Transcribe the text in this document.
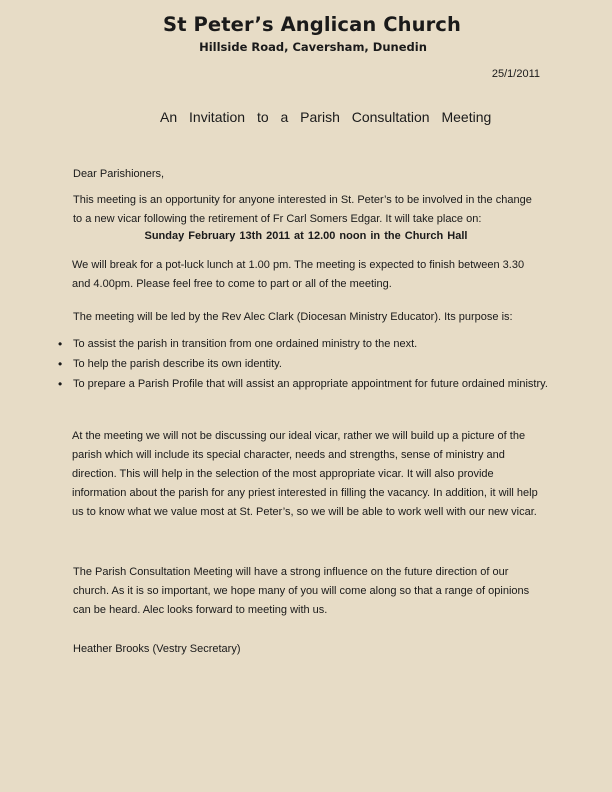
St Peter’s Anglican Church
Hillside Road, Caversham, Dunedin
25/1/2011
An Invitation to a Parish Consultation Meeting

Dear Parishioners,

This meeting is an opportunity for anyone interested in St. Peter’s to be involved in the change to a new vicar following the retirement of Fr Carl Somers Edgar. It will take place on:

Sunday February 13th 2011 at 12.00 noon in the Church Hall

We will break for a pot-luck lunch at 1.00 pm. The meeting is expected to finish between 3.30 and 4.00pm. Please feel free to come to part or all of the meeting.

The meeting will be led by the Rev Alec Clark (Diocesan Ministry Educator). Its purpose is:

• To assist the parish in transition from one ordained ministry to the next.
• To help the parish describe its own identity.
• To prepare a Parish Profile that will assist an appropriate appointment for future ordained ministry.

At the meeting we will not be discussing our ideal vicar, rather we will build up a picture of the parish which will include its special character, needs and strengths, sense of ministry and direction. This will help in the selection of the most appropriate vicar. It will also provide information about the parish for any priest interested in filling the vacancy. In addition, it will help us to know what we value most at St. Peter’s, so we will be able to work well with our new vicar.

The Parish Consultation Meeting will have a strong influence on the future direction of our church. As it is so important, we hope many of you will come along so that a range of opinions can be heard. Alec looks forward to meeting with us.

Heather Brooks (Vestry Secretary)
